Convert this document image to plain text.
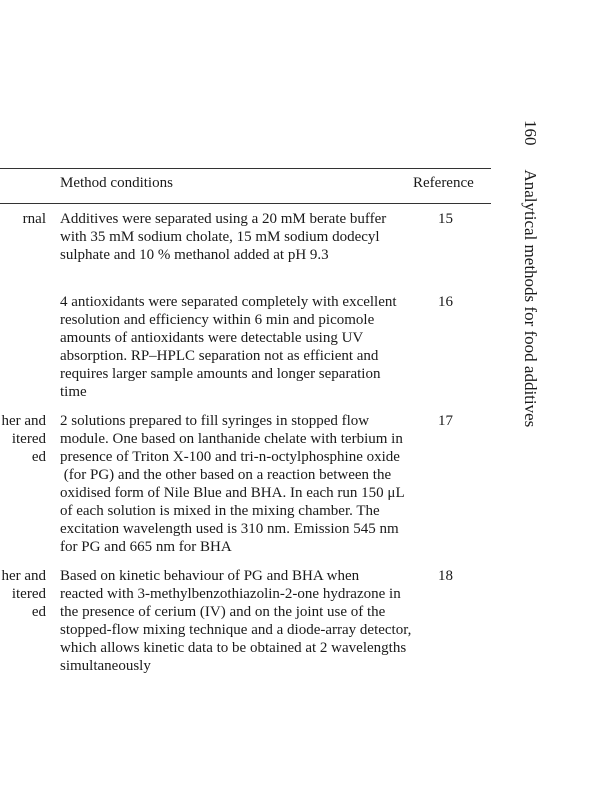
Method conditions	Reference
rnal Additives were separated using a 20 mM berate buffer
with 35 mM sodium cholate, 15 mM sodium dodecyl
sulphate and 10 % methanol added at pH 9.3
15
4 antioxidants were separated completely with excellent
resolution and efficiency within 6 min and picomole
amounts of antioxidants were detectable using UV
absorption. RP–HPLC separation not as efficient and
requires larger sample amounts and longer separation
time
16
her and
itered
ed
2 solutions prepared to fill syringes in stopped flow
module. One based on lanthanide chelate with terbium in
presence of Triton X-100 and tri-n-octylphosphine oxide
(for PG) and the other based on a reaction between the
oxidised form of Nile Blue and BHA. In each run 150 μL
of each solution is mixed in the mixing chamber. The
excitation wavelength used is 310 nm. Emission 545 nm
for PG and 665 nm for BHA
17
her and
itered
ed
Based on kinetic behaviour of PG and BHA when
reacted with 3-methylbenzothiazolin-2-one hydrazone in
the presence of cerium (IV) and on the joint use of the
stopped-flow mixing technique and a diode-array detector,
which allows kinetic data to be obtained at 2 wavelengths
simultaneously
18
160Analytical methods for food additives
